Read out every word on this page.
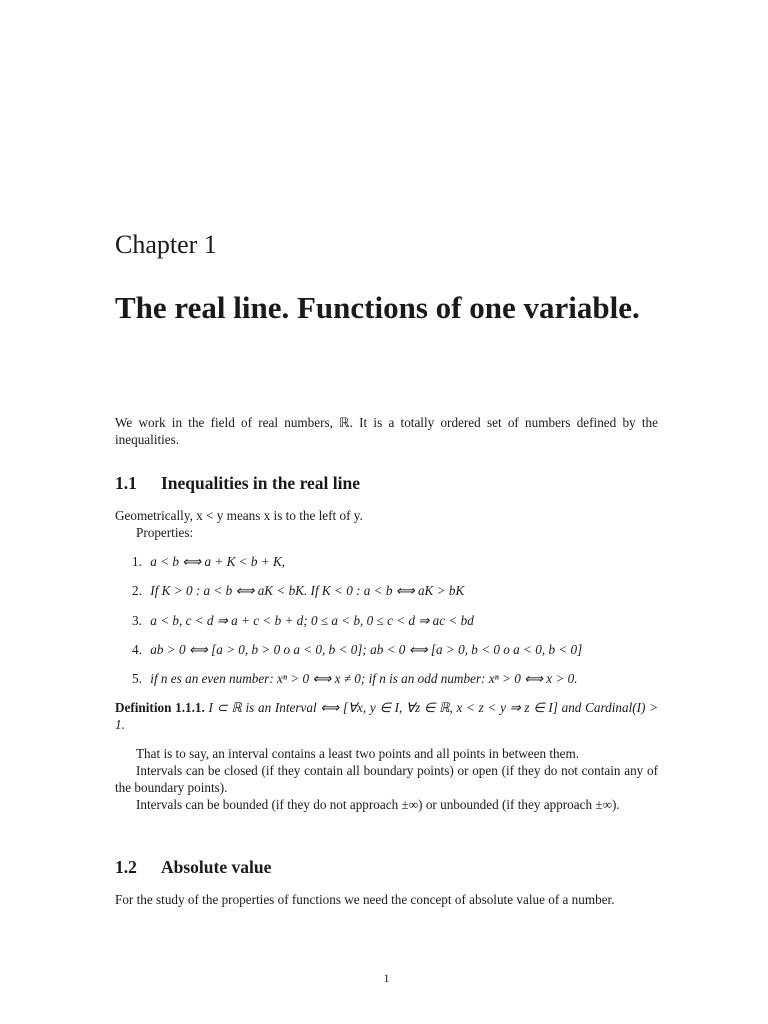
Chapter 1
The real line. Functions of one variable.

We work in the field of real numbers, ℝ. It is a totally ordered set of numbers defined by the inequalities.

1.1 Inequalities in the real line

Geometrically, x < y means x is to the left of y.

Properties:

1. a < b ⟺ a + K < b + K,
2. If K > 0 : a < b ⟺ aK < bK. If K < 0 : a < b ⟺ aK > bK
3. a < b, c < d ⇒ a + c < b + d; 0 ≤ a < b, 0 ≤ c < d ⇒ ac < bd
4. ab > 0 ⟺ [a > 0, b > 0 o a < 0, b < 0]; ab < 0 ⟺ [a > 0, b < 0 o a < 0, b < 0]
5. if n es an even number: xⁿ > 0 ⟺ x ≠ 0; if n is an odd number: xⁿ > 0 ⟺ x > 0.

Definition 1.1.1. I ⊂ ℝ is an Interval ⟺ [∀x, y ∈ I, ∀z ∈ ℝ, x < z < y ⇒ z ∈ I] and Cardinal(I) > 1.

That is to say, an interval contains a least two points and all points in between them.

Intervals can be closed (if they contain all boundary points) or open (if they do not contain any of the boundary points).

Intervals can be bounded (if they do not approach ±∞) or unbounded (if they approach ±∞).

1.2 Absolute value

For the study of the properties of functions we need the concept of absolute value of a number.

1
